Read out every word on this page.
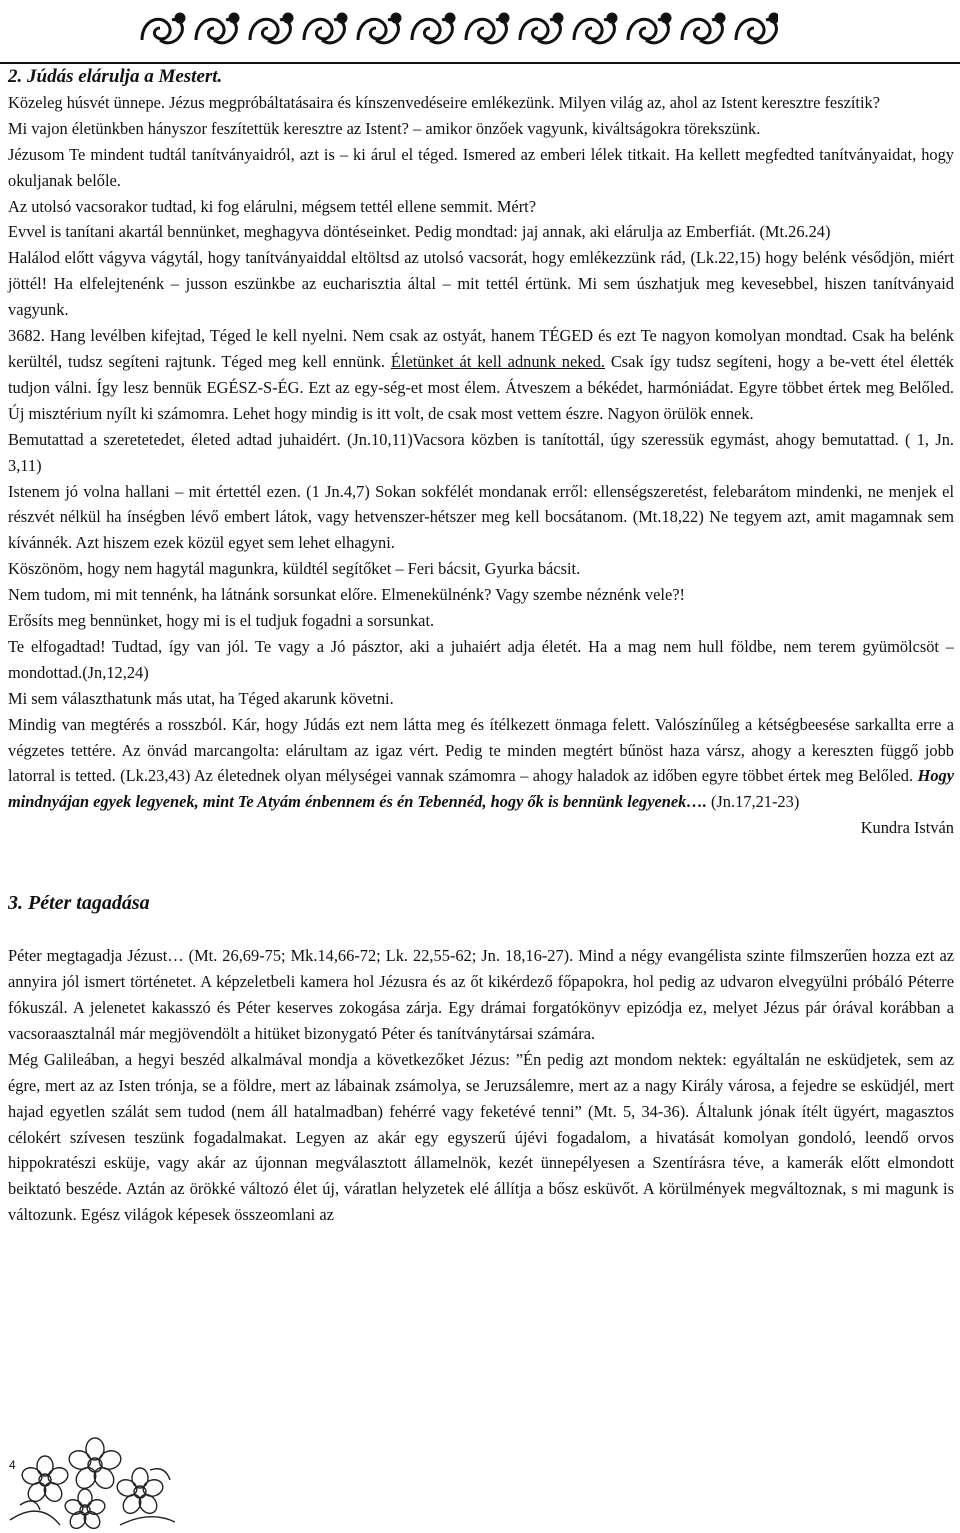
2. Júdás elárulja a Mestert.

Közeleg húsvét ünnepe. Jézus megpróbáltatásaira és kínszenvedéseire emlékezünk. Milyen világ az, ahol az Istent keresztre feszítik?

Mi vajon életünkben hányszor feszítettük keresztre az Istent? – amikor önzőek vagyunk, kiváltságokra törekszünk.

Jézusom Te mindent tudtál tanítványaidról, azt is – ki árul el téged. Ismered az emberi lélek titkait. Ha kellett megfedted tanítványaidat, hogy okuljanak belőle.

Az utolsó vacsorakor tudtad, ki fog elárulni, mégsem tettél ellene semmit. Mért?

Evvel is tanítani akartál bennünket, meghagyva döntéseinket. Pedig mondtad: jaj annak, aki elárulja az Emberfiát. (Mt.26.24)

Halálod előtt vágyva vágytál, hogy tanítványaiddal eltöltsd az utolsó vacsorát, hogy emlékezzünk rád, (Lk.22,15) hogy belénk vésődjön, miért jöttél! Ha elfelejtenénk – jusson eszünkbe az eucharisztia által – mit tettél értünk. Mi sem úszhatjuk meg kevesebbel, hiszen tanítványaid vagyunk.

3682. Hang levélben kifejtad, Téged le kell nyelni. Nem csak az ostyát, hanem TÉGED és ezt Te nagyon komolyan mondtad. Csak ha belénk kerültél, tudsz segíteni rajtunk. Téged meg kell ennünk. Életünket át kell adnunk neked. Csak így tudsz segíteni, hogy a be-vett étel élették tudjon válni. Így lesz bennük EGÉSZ-S-ÉG. Ezt az egy-ség-et most élem. Átveszem a békédet, harmóniádat. Egyre többet értek meg Belőled. Új misztérium nyílt ki számomra. Lehet hogy mindig is itt volt, de csak most vettem észre. Nagyon örülök ennek.

Bemutattad a szeretetedet, életed adtad juhaidért. (Jn.10,11)Vacsora közben is tanítottál, úgy szeressük egymást, ahogy bemutattad. ( 1, Jn. 3,11)

Istenem jó volna hallani – mit értettél ezen. (1 Jn.4,7) Sokan sokfélét mondanak erről: ellenségszeretést, felebarátom mindenki, ne menjek el részvét nélkül ha ínségben lévő embert látok, vagy hetvenszer-hétszer meg kell bocsátanom. (Mt.18,22) Ne tegyem azt, amit magamnak sem kívánnék. Azt hiszem ezek közül egyet sem lehet elhagyni.

Köszönöm, hogy nem hagytál magunkra, küldtél segítőket – Feri bácsit, Gyurka bácsit.

Nem tudom, mi mit tennénk, ha látnánk sorsunkat előre. Elmenekülnénk? Vagy szembe néznénk vele?!

Erősíts meg bennünket, hogy mi is el tudjuk fogadni a sorsunkat.

Te elfogadtad! Tudtad, így van jól. Te vagy a Jó pásztor, aki a juhaiért adja életét. Ha a mag nem hull földbe, nem terem gyümölcsöt – mondottad.(Jn,12,24)

Mi sem választhatunk más utat, ha Téged akarunk követni.

Mindig van megtérés a rosszból. Kár, hogy Júdás ezt nem látta meg és ítélkezett önmaga felett. Valószínűleg a kétségbeesése sarkallta erre a végzetes tettére. Az önvád marcangolta: elárultam az igaz vért. Pedig te minden megtért bűnöst haza vársz, ahogy a kereszten függő jobb latorral is tetted. (Lk.23,43) Az életednek olyan mélységei vannak számomra – ahogy haladok az időben egyre többet értek meg Belőled. Hogy mindnyájan egyek legyenek, mint Te Atyám énbennem és én Tebennéd, hogy ők is bennünk legyenek…. (Jn.17,21-23)

Kundra István

3. Péter tagadása

Péter megtagadja Jézust… (Mt. 26,69-75; Mk.14,66-72; Lk. 22,55-62; Jn. 18,16-27). Mind a négy evangélista szinte filmszerűen hozza ezt az annyira jól ismert történetet. A képzeletbeli kamera hol Jézusra és az őt kikérdező főpapokra, hol pedig az udvaron elvegyülni próbáló Péterre fókuszál. A jelenetet kakasszó és Péter keserves zokogása zárja. Egy drámai forgatókönyv epizódja ez, melyet Jézus pár órával korábban a vacsoraasztalnál már megjövendölt a hitüket bizonygató Péter és tanítványtársai számára.

Még Galileában, a hegyi beszéd alkalmával mondja a következőket Jézus: ”Én pedig azt mondom nektek: egyáltalán ne esküdjetek, sem az égre, mert az az Isten trónja, se a földre, mert az lábainak zsámolya, se Jeruzsálemre, mert az a nagy Király városa, a fejedre se esküdjél, mert hajad egyetlen szálát sem tudod (nem áll hatalmadban) fehérré vagy feketévé tenni” (Mt. 5, 34-36). Általunk jónak ítélt ügyért, magasztos célokért szívesen teszünk fogadalmakat. Legyen az akár egy egyszerű újévi fogadalom, a hivatását komolyan gondoló, leendő orvos hippokratészi esküje, vagy akár az újonnan megválasztott államelnök, kezét ünnepélyesen a Szentírásra téve, a kamerák előtt elmondott beiktató beszéde. Aztán az örökké változó élet új, váratlan helyzetek elé állítja a bősz esküvőt. A körülmények megváltoznak, s mi magunk is változunk. Egész világok képesek összeomlani az

4
